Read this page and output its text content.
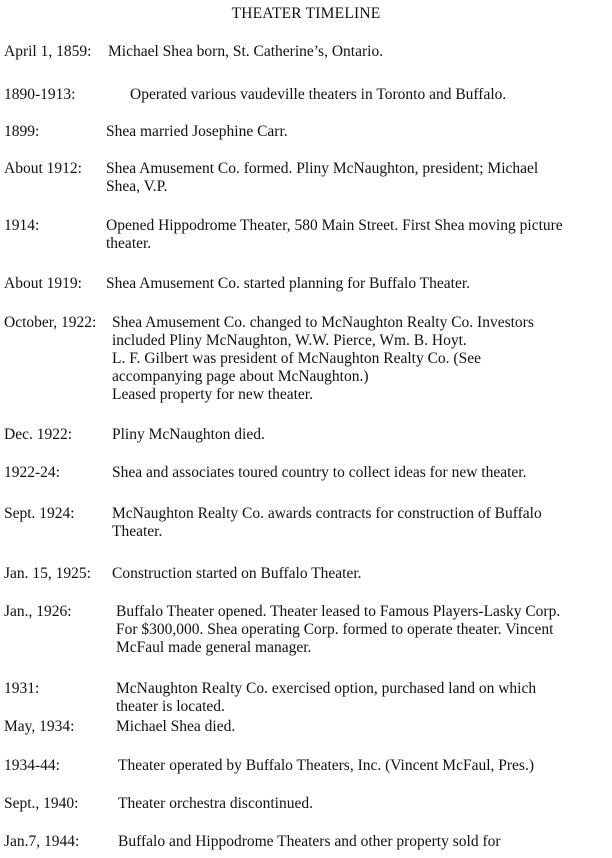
THEATER TIMELINE
April 1, 1859: Michael Shea born, St. Catherine’s, Ontario.
1890-1913:	Operated various vaudeville theaters in Toronto and Buffalo.
1899:	Shea married Josephine Carr.
About 1912: Shea Amusement Co. formed. Pliny McNaughton, president; Michael
Shea, V.P.
1914:	Opened Hippodrome Theater, 580 Main Street. First Shea moving picture
theater.
About 1919: Shea Amusement Co. started planning for Buffalo Theater.
October, 1922: Shea Amusement Co. changed to McNaughton Realty Co. Investors
included Pliny McNaughton, W.W. Pierce, Wm. B. Hoyt.
L. F. Gilbert was president of McNaughton Realty Co. (See
accompanying page about McNaughton.)
Leased property for new theater.
Dec. 1922:	Pliny McNaughton died.
1922-24:	Shea and associates toured country to collect ideas for new theater.
Sept. 1924: McNaughton Realty Co. awards contracts for construction of Buffalo
Theater.
Jan. 15, 1925: Construction started on Buffalo Theater.
Jan., 1926:	Buffalo Theater opened. Theater leased to Famous Players-Lasky Corp.
For $300,000. Shea operating Corp. formed to operate theater. Vincent
McFaul made general manager.
1931:	McNaughton Realty Co. exercised option, purchased land on which
theater is located.
May, 1934:	Michael Shea died.
1934-44:	Theater operated by Buffalo Theaters, Inc. (Vincent McFaul, Pres.)
Sept., 1940:	Theater orchestra discontinued.
Jan.7, 1944: Buffalo and Hippodrome Theaters and other property sold for
